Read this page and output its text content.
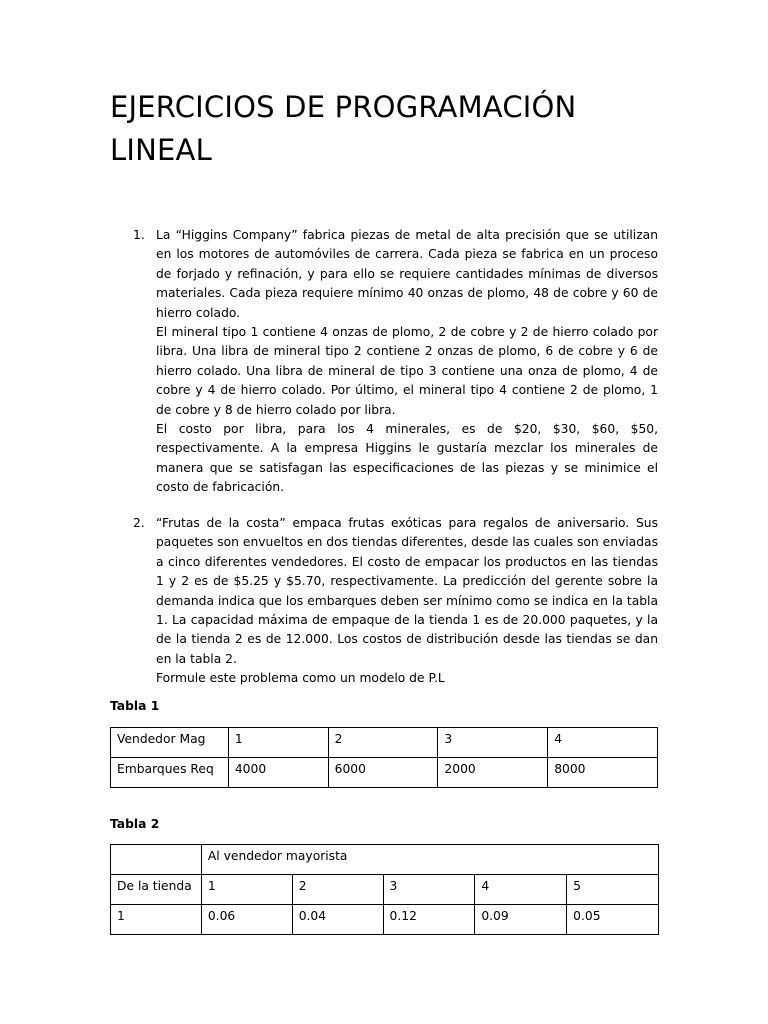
EJERCICIOS DE PROGRAMACIÓN LINEAL
1. La “Higgins Company” fabrica piezas de metal de alta precisión que se utilizan en los motores de automóviles de carrera. Cada pieza se fabrica en un proceso de forjado y refinación, y para ello se requiere cantidades mínimas de diversos materiales. Cada pieza requiere mínimo 40 onzas de plomo, 48 de cobre y 60 de hierro colado.

El mineral tipo 1 contiene 4 onzas de plomo, 2 de cobre y 2 de hierro colado por libra. Una libra de mineral tipo 2 contiene 2 onzas de plomo, 6 de cobre y 6 de hierro colado. Una libra de mineral de tipo 3 contiene una onza de plomo, 4 de cobre y 4 de hierro colado. Por último, el mineral tipo 4 contiene 2 de plomo, 1 de cobre y 8 de hierro colado por libra.

El costo por libra, para los 4 minerales, es de $20, $30, $60, $50, respectivamente. A la empresa Higgins le gustaría mezclar los minerales de manera que se satisfagan las especificaciones de las piezas y se minimice el costo de fabricación.

2. “Frutas de la costa” empaca frutas exóticas para regalos de aniversario. Sus paquetes son envueltos en dos tiendas diferentes, desde las cuales son enviadas a cinco diferentes vendedores. El costo de empacar los productos en las tiendas 1 y 2 es de $5.25 y $5.70, respectivamente. La predicción del gerente sobre la demanda indica que los embarques deben ser mínimo como se indica en la tabla 1. La capacidad máxima de empaque de la tienda 1 es de 20.000 paquetes, y la de la tienda 2 es de 12.000. Los costos de distribución desde las tiendas se dan en la tabla 2.

Formule este problema como un modelo de P.L

Tabla 1
Vendedor Mag	1	2	3	4
Embarques Req	4000	6000	2000	8000
Tabla 2
	Al vendedor mayorista				
De la tienda	1	2	3	4	5
1	0.06	0.04	0.12	0.09	0.05
